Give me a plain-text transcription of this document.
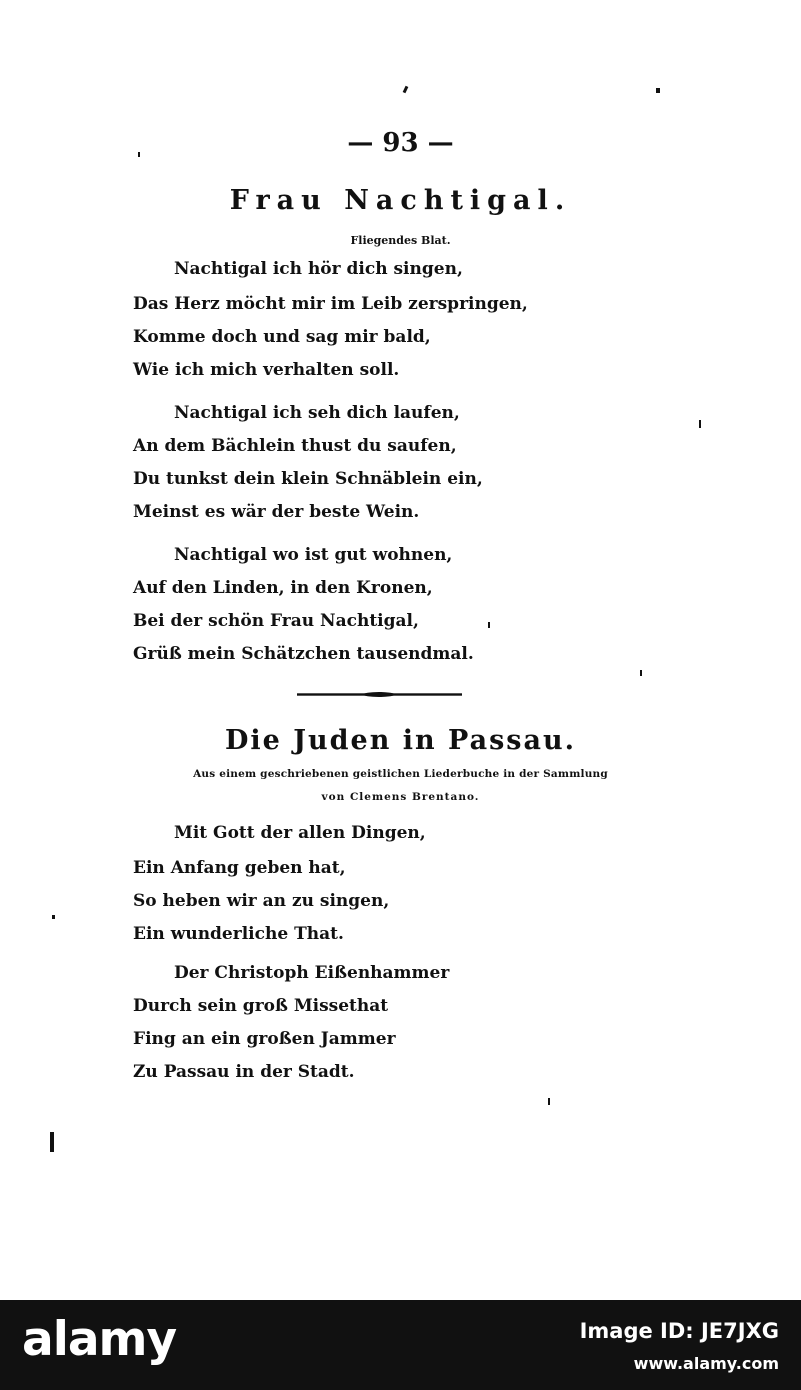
— 93 —
Frau Nachtigal.
Fliegendes Blat.
Nachtigal ich hör dich singen,
Das Herz möcht mir im Leib zerspringen,
Komme doch und sag mir bald,
Wie ich mich verhalten soll.
Nachtigal ich seh dich laufen,
An dem Bächlein thust du saufen,
Du tunkst dein klein Schnäblein ein,
Meinst es wär der beste Wein.
Nachtigal wo ist gut wohnen,
Auf den Linden, in den Kronen,
Bei der schön Frau Nachtigal,
Grüß mein Schätzchen tausendmal.
Die Juden in Passau.
Aus einem geschriebenen geistlichen Liederbuche in der Sammlung
von Clemens Brentano.
Mit Gott der allen Dingen,
Ein Anfang geben hat,
So heben wir an zu singen,
Ein wunderliche That.
Der Christoph Eißenhammer
Durch sein groß Missethat
Fing an ein großen Jammer
Zu Passau in der Stadt.
alamy	Image ID: JE7JXG
www.alamy.com
